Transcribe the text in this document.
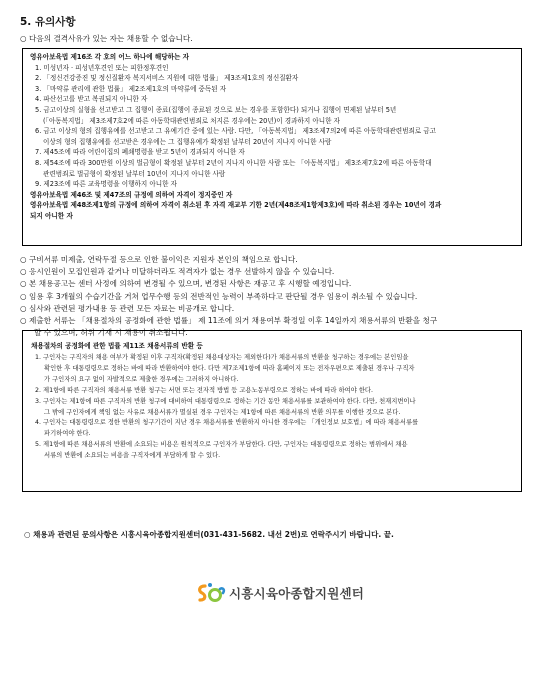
5. 유의사항
○ 다음의 결격사유가 있는 자는 채용할 수 없습니다.
영유아보육법 제16조 각 호의 어느 하나에 해당하는 자
1. 미성년자 · 피성년후견인 또는 피한정후견인
2. 「정신건강증진 및 정신질환자 복지서비스 지원에 대한 법률」 제3조제1호의 정신질환자
3. 「마약류 관리에 관한 법률」 제2조제1호의 마약류에 중독된 자
4. 파산선고를 받고 복권되지 아니한 자
5. 금고이상의 실형을 선고받고 그 집행이 종료(집행이 종료된 것으로 보는 경우를 포함한다) 되거나 집행이 면제된 날부터 5년
(「아동복지법」 제3조제7호2에 따른 아동학대관련범죄로 처지른 경우에는 20년)이 경과하지 아니한 자
6. 금고 이상의 형의 집행유예를 선고받고 그 유예기간 중에 있는 사람. 다만, 「아동복지법」 제3조제7의2에 따른 아동학대관련범죄로 금고
이상의 형의 집행유예를 선고받은 경우에는 그 집행유예가 확정된 날부터 20년이 지나지 아니한 사람
7. 제45조에 따라 어린이집의 폐쇄명령을 받고 5년이 경과되지 아니한 자
8. 제54조에 따라 300만원 이상의 벌금형이 확정된 날부터 2년이 지나지 아니한 사람 또는 「아동복지법」 제3조제7호2에 따른 아동학대
관련범죄로 벌금형이 확정된 날부터 10년이 지나지 아니한 사람
9. 제23조에 따른 교육명령을 이행하지 아니한 자
영유아보육법 제46조 및 제47조의 규정에 의하여 자격이 정지중인 자
영유아보육법 제48조제1항의 규정에 의하여 자격이 취소된 후 자격 재교부 기한 2년(제48조제1항제3호)에 따라 취소된 경우는 10년이 경과
되지 아니한 자
○ 구비서류 미제출, 연락두절 등으로 인한 불이익은 지원자 본인의 책임으로 합니다.
○ 응시인원이 모집인원과 같거나 미달하더라도 적격자가 없는 경우 선발하지 않을 수 있습니다.
○ 본 채용공고는 센터 사정에 의하여 변경될 수 있으며, 변경된 사항은 재공고 후 시행할 예정입니다.
○ 임용 후 3개월의 수습기간을 거쳐 업무수행 등의 전반적인 능력이 부족하다고 판단될 경우 임용이 취소될 수 있습니다.
○ 심사와 관련된 평가내용 등 관련 모든 자료는 비공개로 합니다.
○ 제출한 서류는 「채용절차의 공정화에 관한 법률」 제 11조에 의거 채용여부 확정일 이후 14일까지 채용서류의 반환을 청구
할 수 있으며, 허위 기재 시 채용이 취소됩니다.
채용절차의 공정화에 관한 법률 제11조 채용서류의 반환 등
1. 구인자는 구직자의 채용 여부가 확정된 이후 구직자(확정된 채용대상자는 제외한다)가 채용서류의 반환을 청구하는 경우에는 본인임을
확인한 후 대통령령으로 정하는 바에 따라 반환하여야 한다. 다만 제7조제1항에 따라 홈페이지 또는 전자우편으로 제출된 경우나 구직자
가 구인자의 요구 없이 자발적으로 제출한 경우에는 그러하지 아니하다.
2. 제1항에 따른 구직자의 채용서류 반환 청구는 서면 또는 전자적 방법 등 고용노동부령으로 정하는 바에 따라 하여야 한다.
3. 구인자는 제1항에 따른 구직자의 반환 청구에 대비하여 대통령령으로 정하는 기간 동안 채용서류를 보관하여야 한다. 다만, 천재지변이나
그 밖에 구인자에게 책임 없는 사유로 채용서류가 멸실된 경우 구인자는 제1항에 따른 채용서류의 반환 의무를 이행한 것으로 본다.
4. 구인자는 대통령령으로 정한 반환의 청구기간이 지난 경우 채용서류를 반환하지 아니한 경우에는 「개인정보 보호법」에 따라 채용서류를
파기하여야 한다.
5. 제1항에 따른 채용서류의 반환에 소요되는 비용은 원칙적으로 구인자가 부담한다. 다만, 구인자는 대통령령으로 정하는 범위에서 채용
서류의 반환에 소요되는 비용을 구직자에게 부담하게 할 수 있다.
○ 채용과 관련된 문의사항은 시흥시육아종합지원센터(031-431-5682. 내선 2번)로 연락주시기 바랍니다. 끝.
시흥시육아종합지원센터
